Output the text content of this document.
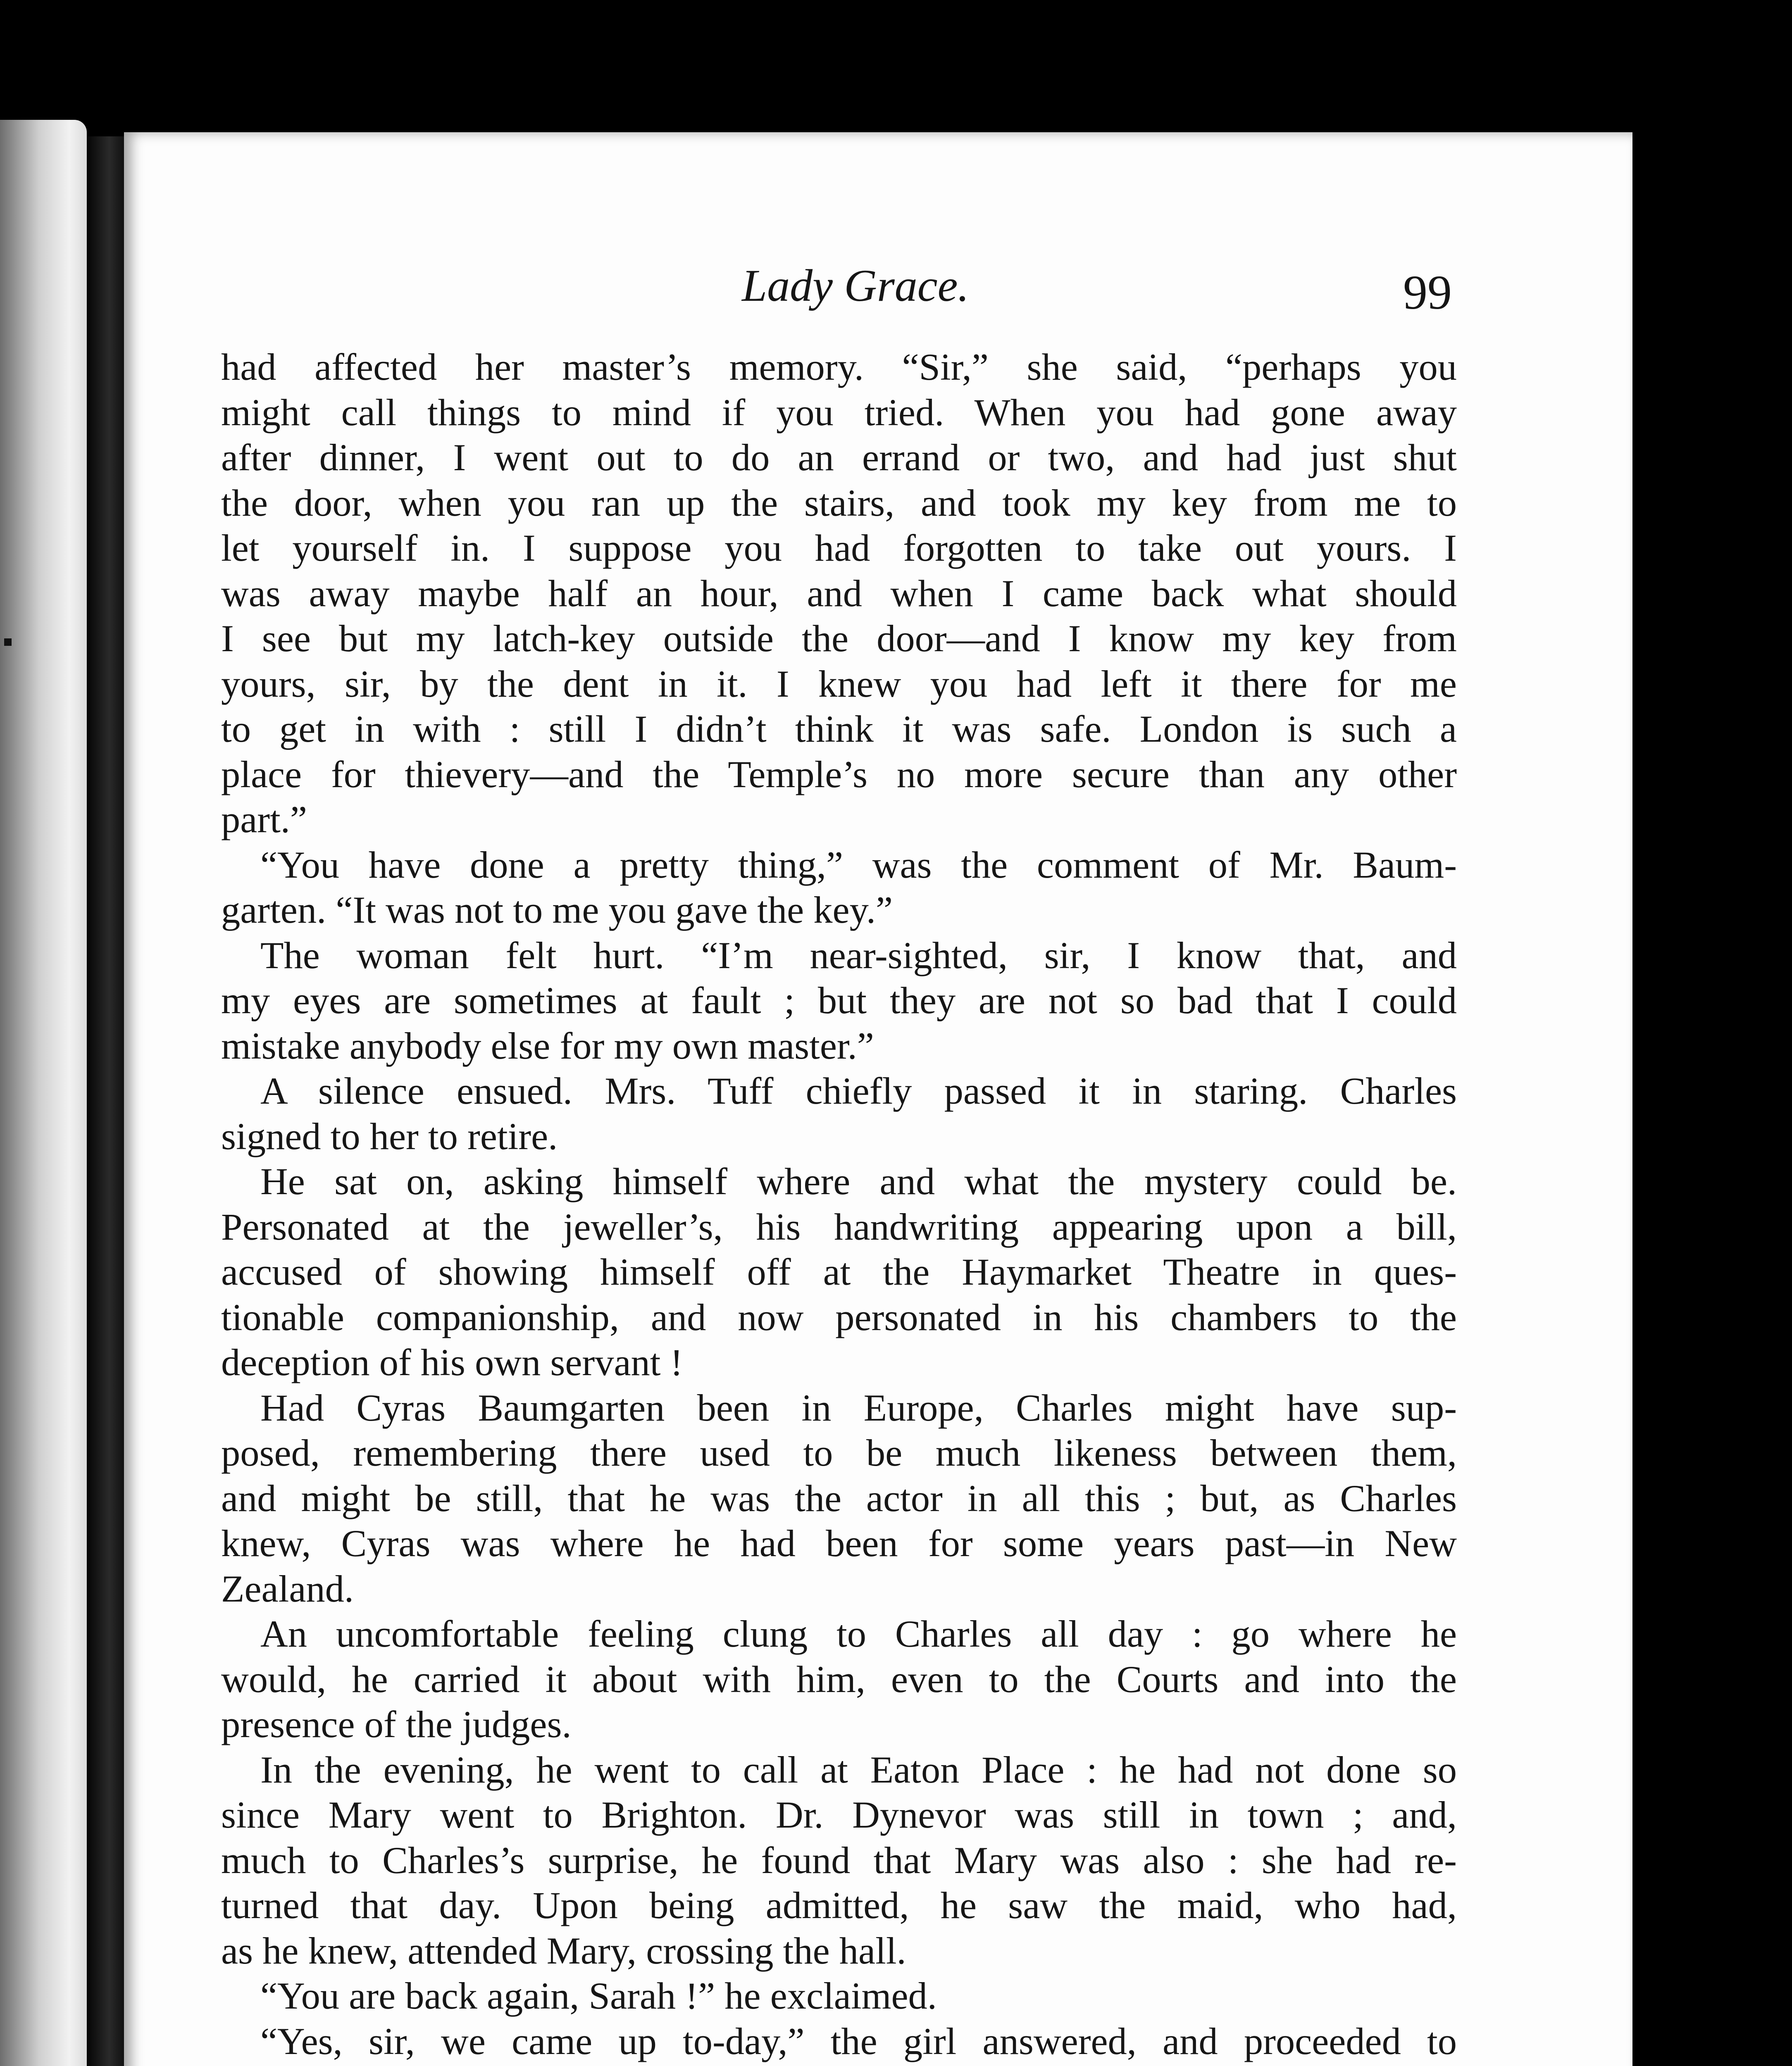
Lady Grace.	99
had affected her master’s memory. “Sir,” she said, “perhaps you
might call things to mind if you tried. When you had gone away
after dinner, I went out to do an errand or two, and had just shut
the door, when you ran up the stairs, and took my key from me to
let yourself in. I suppose you had forgotten to take out yours. I
was away maybe half an hour, and when I came back what should
I see but my latch-key outside the door—and I know my key from
yours, sir, by the dent in it. I knew you had left it there for me
to get in with : still I didn’t think it was safe. London is such a
place for thievery—and the Temple’s no more secure than any other
part.”
“You have done a pretty thing,” was the comment of Mr. Baum-
garten. “It was not to me you gave the key.”
The woman felt hurt. “I’m near-sighted, sir, I know that, and
my eyes are sometimes at fault ; but they are not so bad that I could
mistake anybody else for my own master.”
A silence ensued. Mrs. Tuff chiefly passed it in staring. Charles
signed to her to retire.
He sat on, asking himself where and what the mystery could be.
Personated at the jeweller’s, his handwriting appearing upon a bill,
accused of showing himself off at the Haymarket Theatre in ques-
tionable companionship, and now personated in his chambers to the
deception of his own servant !
Had Cyras Baumgarten been in Europe, Charles might have sup-
posed, remembering there used to be much likeness between them,
and might be still, that he was the actor in all this ; but, as Charles
knew, Cyras was where he had been for some years past—in New
Zealand.
An uncomfortable feeling clung to Charles all day : go where he
would, he carried it about with him, even to the Courts and into the
presence of the judges.
In the evening, he went to call at Eaton Place : he had not done so
since Mary went to Brighton. Dr. Dynevor was still in town ; and,
much to Charles’s surprise, he found that Mary was also : she had re-
turned that day. Upon being admitted, he saw the maid, who had,
as he knew, attended Mary, crossing the hall.
“You are back again, Sarah !” he exclaimed.
“Yes, sir, we came up to-day,” the girl answered, and proceeded to
